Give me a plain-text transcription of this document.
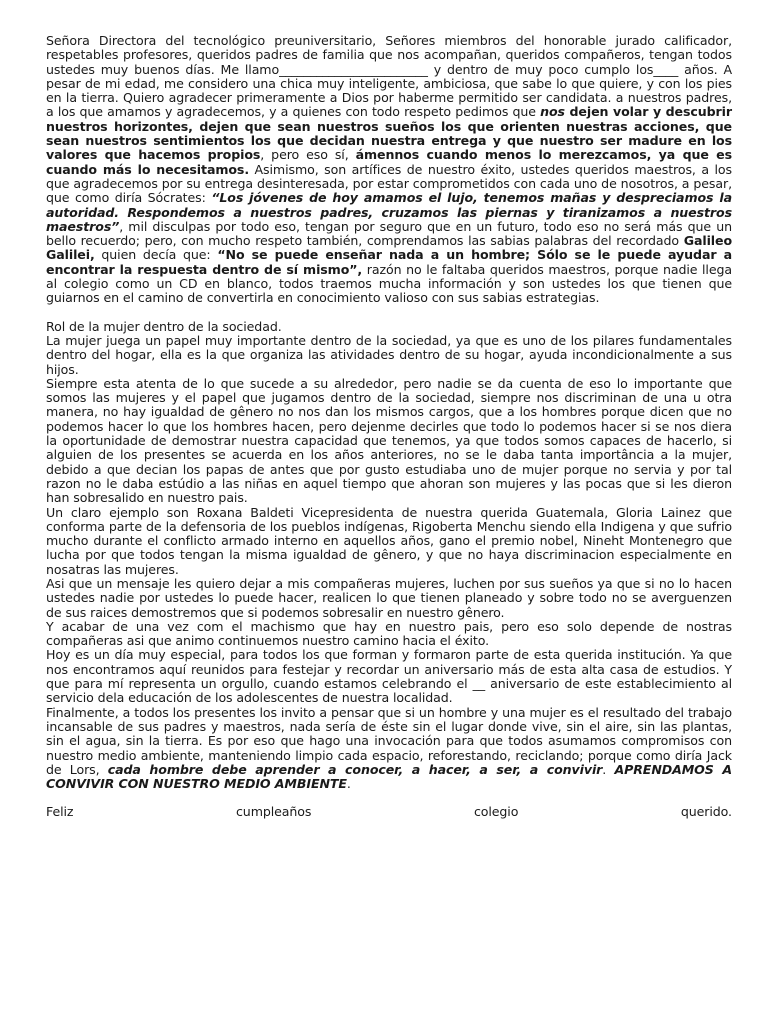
Señora Directora del tecnológico preuniversitario, Señores miembros del honorable jurado calificador, respetables profesores, queridos padres de familia que nos acompañan, queridos compañeros, tengan todos ustedes muy buenos días. Me llamo________________________ y dentro de muy poco cumplo los____ años. A pesar de mi edad, me considero una chica muy inteligente, ambiciosa, que sabe lo que quiere, y con los pies en la tierra. Quiero agradecer primeramente a Dios por haberme permitido ser candidata. a nuestros padres, a los que amamos y agradecemos, y a quienes con todo respeto pedimos que nos dejen volar y descubrir nuestros horizontes, dejen que sean nuestros sueños los que orienten nuestras acciones, que sean nuestros sentimientos los que decidan nuestra entrega y que nuestro ser madure en los valores que hacemos propios, pero eso sí, ámennos cuando menos lo merezcamos, ya que es cuando más lo necesitamos. Asimismo, son artífices de nuestro éxito, ustedes queridos maestros, a los que agradecemos por su entrega desinteresada, por estar comprometidos con cada uno de nosotros, a pesar, que como diría Sócrates: “Los jóvenes de hoy amamos el lujo, tenemos mañas y despreciamos la autoridad. Respondemos a nuestros padres, cruzamos las piernas y tiranizamos a nuestros maestros”, mil disculpas por todo eso, tengan por seguro que en un futuro, todo eso no será más que un bello recuerdo; pero, con mucho respeto también, comprendamos las sabias palabras del recordado Galileo Galilei, quien decía que: “No se puede enseñar nada a un hombre; Sólo se le puede ayudar a encontrar la respuesta dentro de sí mismo”, razón no le faltaba queridos maestros, porque nadie llega al colegio como un CD en blanco, todos traemos mucha información y son ustedes los que tienen que guiarnos en el camino de convertirla en conocimiento valioso con sus sabias estrategias.

Rol de la mujer dentro de la sociedad.

La mujer juega un papel muy importante dentro de la sociedad, ya que es uno de los pilares fundamentales dentro del hogar, ella es la que organiza las atividades dentro de su hogar, ayuda incondicionalmente a sus hijos.

Siempre esta atenta de lo que sucede a su alrededor, pero nadie se da cuenta de eso lo importante que somos las mujeres y el papel que jugamos dentro de la sociedad, siempre nos discriminan de una u otra manera, no hay igualdad de gênero no nos dan los mismos cargos, que a los hombres porque dicen que no podemos hacer lo que los hombres hacen, pero dejenme decirles que todo lo podemos hacer si se nos diera la oportunidade de demostrar nuestra capacidad que tenemos, ya que todos somos capaces de hacerlo, si alguien de los presentes se acuerda en los años anteriores, no se le daba tanta importância a la mujer, debido a que decian los papas de antes que por gusto estudiaba uno de mujer porque no servia y por tal razon no le daba estúdio a las niñas en aquel tiempo que ahoran son mujeres y las pocas que si les dieron han sobresalido en nuestro pais.

Un claro ejemplo son Roxana Baldeti Vicepresidenta de nuestra querida Guatemala, Gloria Lainez que conforma parte de la defensoria de los pueblos indígenas, Rigoberta Menchu siendo ella Indigena y que sufrio mucho durante el conflicto armado interno en aquellos años, gano el premio nobel, Nineht Montenegro que lucha por que todos tengan la misma igualdad de gênero, y que no haya discriminacion especialmente en nosatras las mujeres.

Asi que un mensaje les quiero dejar a mis compañeras mujeres, luchen por sus sueños ya que si no lo hacen ustedes nadie por ustedes lo puede hacer, realicen lo que tienen planeado y sobre todo no se averguenzen de sus raices demostremos que si podemos sobresalir en nuestro gênero.

Y acabar de una vez com el machismo que hay en nuestro pais, pero eso solo depende de nostras compañeras asi que animo continuemos nuestro camino hacia el éxito.

Hoy es un día muy especial, para todos los que forman y formaron parte de esta querida institución. Ya que nos encontramos aquí reunidos para festejar y recordar un aniversario más de esta alta casa de estudios. Y que para mí representa un orgullo, cuando estamos celebrando el __ aniversario de este establecimiento al servicio dela educación de los adolescentes de nuestra localidad.

Finalmente, a todos los presentes los invito a pensar que si un hombre y una mujer es el resultado del trabajo incansable de sus padres y maestros, nada sería de éste sin el lugar donde vive, sin el aire, sin las plantas, sin el agua, sin la tierra. Es por eso que hago una invocación para que todos asumamos compromisos con nuestro medio ambiente, manteniendo limpio cada espacio, reforestando, reciclando; porque como diría Jack de Lors, cada hombre debe aprender a conocer, a hacer, a ser, a convivir. APRENDAMOS A CONVIVIR CON NUESTRO MEDIO AMBIENTE.

Feliz	cumpleaños	colegio	querido.
